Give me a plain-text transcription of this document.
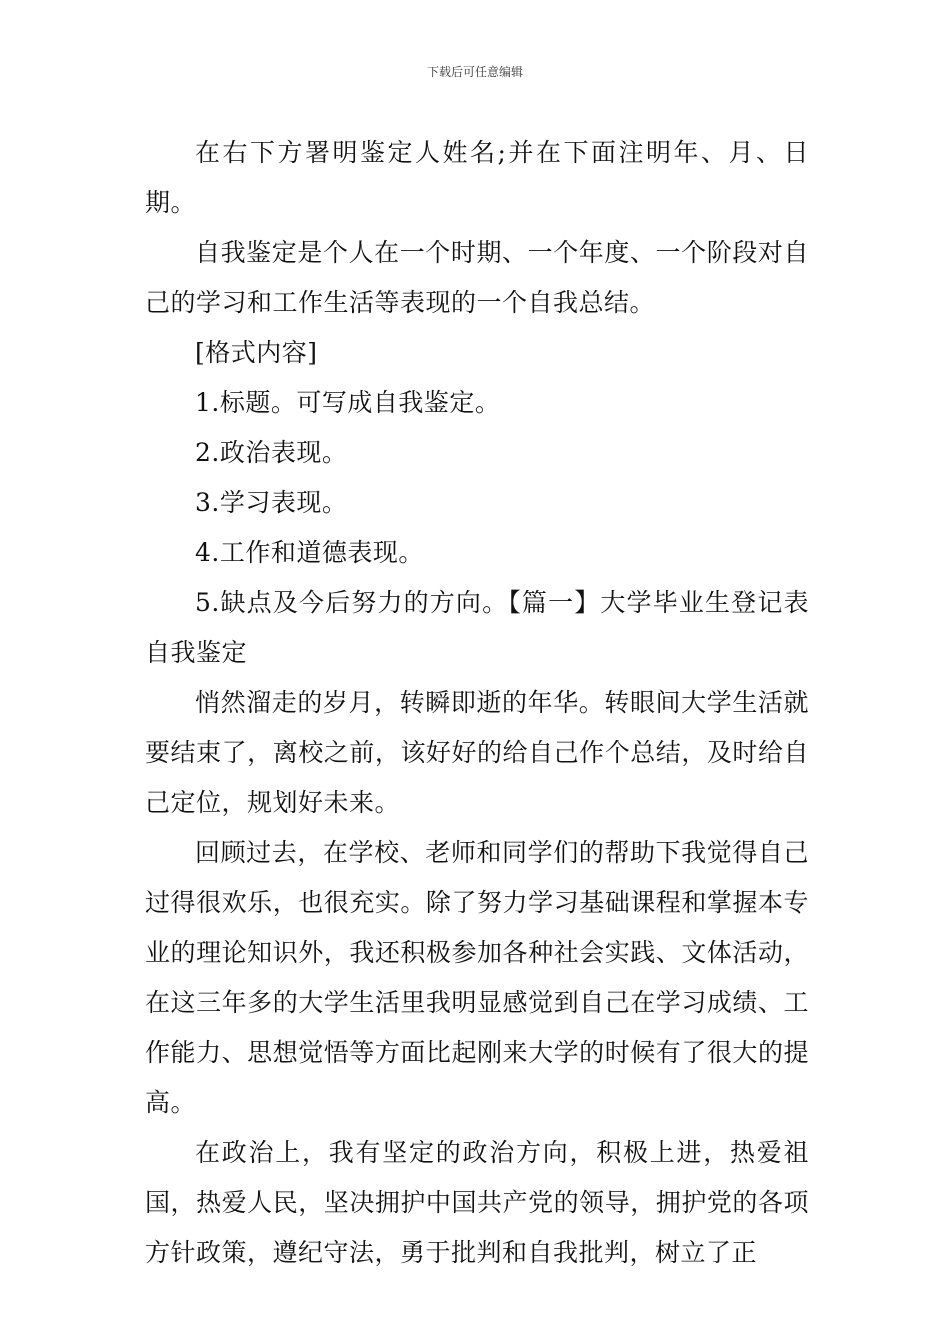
下载后可任意编辑

在右下方署明鉴定人姓名;并在下面注明年、月、日期。

自我鉴定是个人在一个时期、一个年度、一个阶段对自己的学习和工作生活等表现的一个自我总结。

[格式内容]

1.标题。可写成自我鉴定。

2.政治表现。

3.学习表现。

4.工作和道德表现。

5.缺点及今后努力的方向。【篇一】大学毕业生登记表自我鉴定

悄然溜走的岁月，转瞬即逝的年华。转眼间大学生活就要结束了，离校之前，该好好的给自己作个总结，及时给自己定位，规划好未来。

回顾过去，在学校、老师和同学们的帮助下我觉得自己过得很欢乐，也很充实。除了努力学习基础课程和掌握本专业的理论知识外，我还积极参加各种社会实践、文体活动，在这三年多的大学生活里我明显感觉到自己在学习成绩、工作能力、思想觉悟等方面比起刚来大学的时候有了很大的提高。

在政治上，我有坚定的政治方向，积极上进，热爱祖国，热爱人民，坚决拥护中国共产党的领导，拥护党的各项方针政策，遵纪守法，勇于批判和自我批判，树立了正
